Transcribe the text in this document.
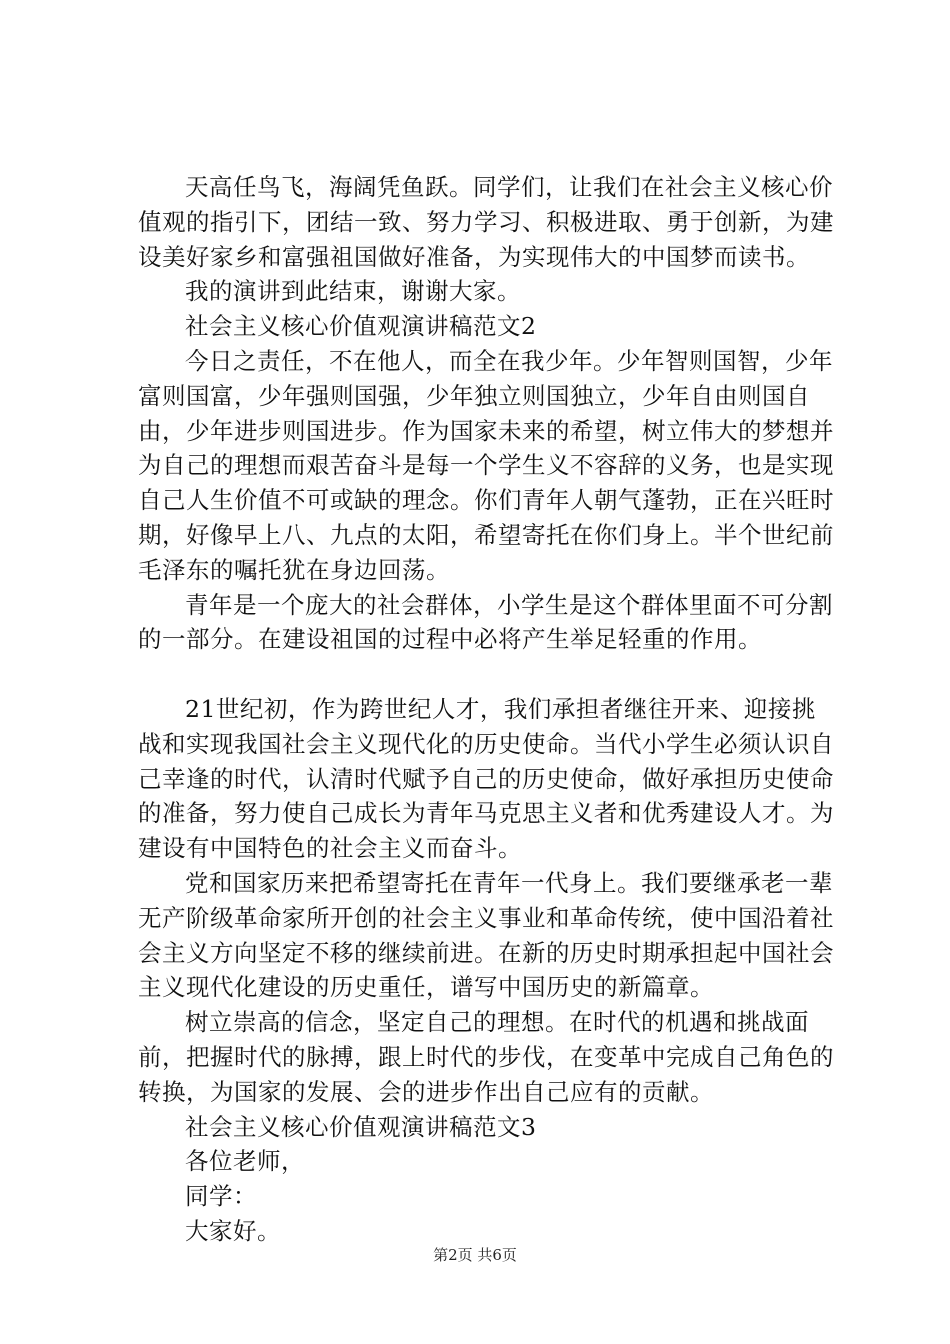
天高任鸟飞，海阔凭鱼跃。同学们，让我们在社会主义核心价值观的指引下，团结一致、努力学习、积极进取、勇于创新，为建设美好家乡和富强祖国做好准备，为实现伟大的中国梦而读书。

我的演讲到此结束，谢谢大家。

社会主义核心价值观演讲稿范文2

今日之责任，不在他人，而全在我少年。少年智则国智，少年富则国富，少年强则国强，少年独立则国独立，少年自由则国自由，少年进步则国进步。作为国家未来的希望，树立伟大的梦想并为自己的理想而艰苦奋斗是每一个学生义不容辞的义务，也是实现自己人生价值不可或缺的理念。你们青年人朝气蓬勃，正在兴旺时期，好像早上八、九点的太阳，希望寄托在你们身上。半个世纪前毛泽东的嘱托犹在身边回荡。

青年是一个庞大的社会群体，小学生是这个群体里面不可分割的一部分。在建设祖国的过程中必将产生举足轻重的作用。

21世纪初，作为跨世纪人才，我们承担者继往开来、迎接挑战和实现我国社会主义现代化的历史使命。当代小学生必须认识自己幸逢的时代，认清时代赋予自己的历史使命，做好承担历史使命的准备，努力使自己成长为青年马克思主义者和优秀建设人才。为建设有中国特色的社会主义而奋斗。

党和国家历来把希望寄托在青年一代身上。我们要继承老一辈无产阶级革命家所开创的社会主义事业和革命传统，使中国沿着社会主义方向坚定不移的继续前进。在新的历史时期承担起中国社会主义现代化建设的历史重任，谱写中国历史的新篇章。

树立崇高的信念，坚定自己的理想。在时代的机遇和挑战面前，把握时代的脉搏，跟上时代的步伐，在变革中完成自己角色的转换，为国家的发展、会的进步作出自己应有的贡献。

社会主义核心价值观演讲稿范文3

各位老师，

同学：

大家好。

第2页 共6页
